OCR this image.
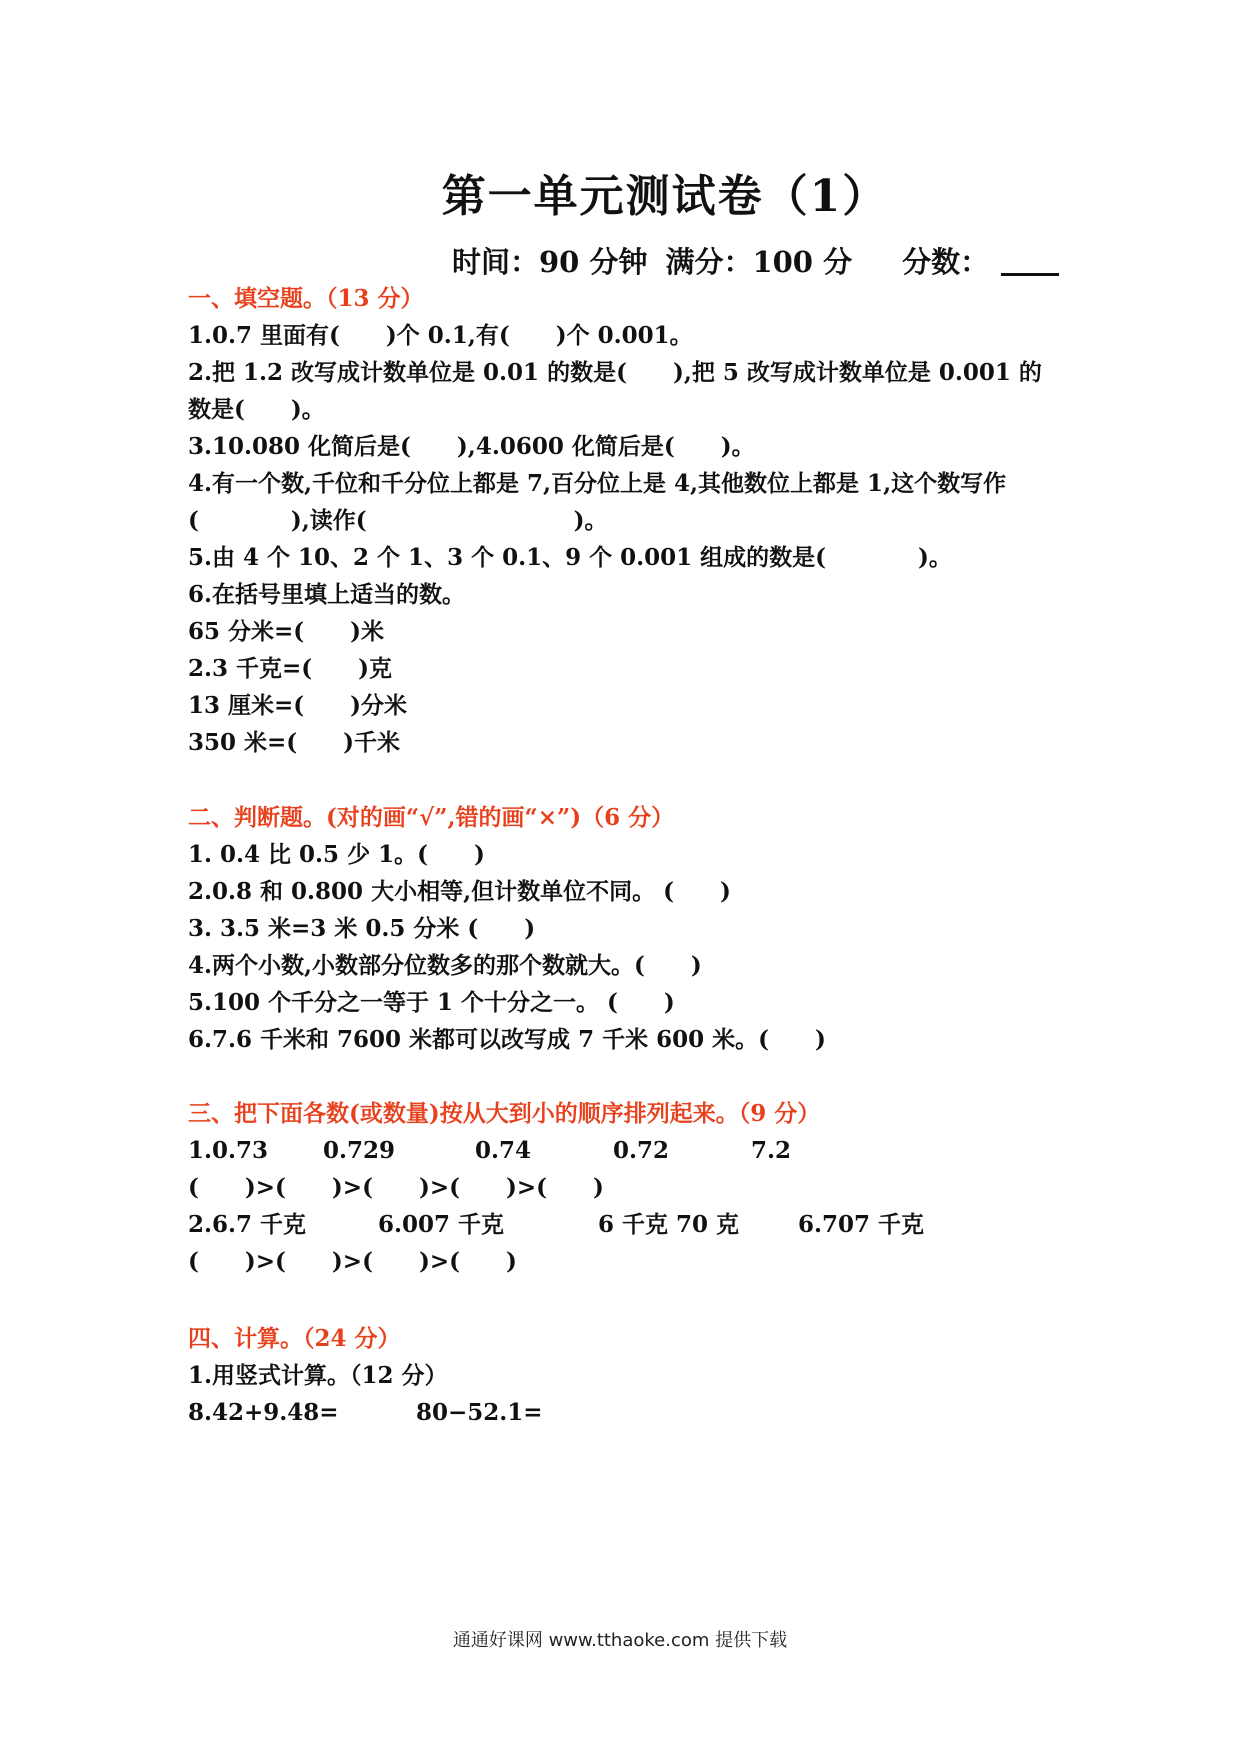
第一单元测试卷（1）
时间：90 分钟 满分：100 分 分数：
一、填空题。（13 分）
1.0.7 里面有(　　)个 0.1,有(　　)个 0.001。
2.把 1.2 改写成计数单位是 0.01 的数是(　　),把 5 改写成计数单位是 0.001 的
数是(　　)。
3.10.080 化简后是(　　),4.0600 化简后是(　　)。
4.有一个数,千位和千分位上都是 7,百分位上是 4,其他数位上都是 1,这个数写作
(　　　　),读作(　　　　　　　　　)。
5.由 4 个 10、2 个 1、3 个 0.1、9 个 0.001 组成的数是(　　　　)。
6.在括号里填上适当的数。
65 分米=(　　)米
2.3 千克=(　　)克
13 厘米=(　　)分米
350 米=(　　)千米
二、判断题。(对的画“√”,错的画“×”)（6 分）
1. 0.4 比 0.5 少 1。(　　)
2.0.8 和 0.800 大小相等,但计数单位不同。 (　　)
3. 3.5 米=3 米 0.5 分米 (　　)
4.两个小数,小数部分位数多的那个数就大。(　　)
5.100 个千分之一等于 1 个十分之一。 (　　)
6.7.6 千米和 7600 米都可以改写成 7 千米 600 米。(　　)
三、把下面各数(或数量)按从大到小的顺序排列起来。（9 分）
1.0.73 0.729	0.74	0.72	7.2
(　　)>(　　)>(　　)>(　　)>(　　)
2.6.7 千克	6.007 千克	6 千克 70 克	6.707 千克
(　　)>(　　)>(　　)>(　　)
四、计算。（24 分）
1.用竖式计算。（12 分）
8.42+9.48=	80−52.1=
通通好课网 www.tthaoke.com 提供下载
